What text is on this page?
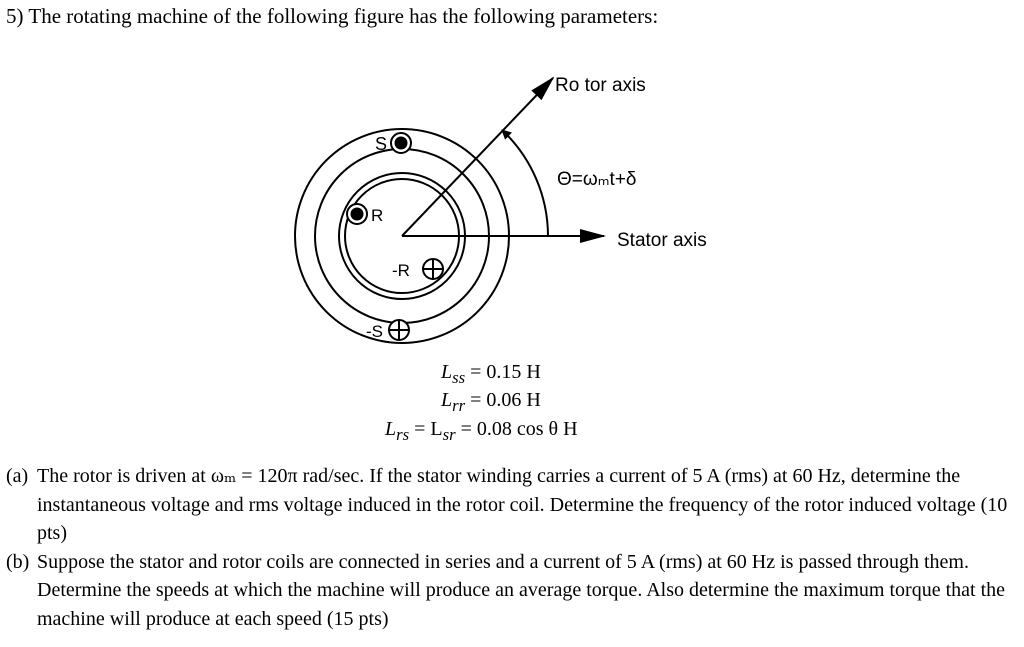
5) The rotating machine of the following figure has the following parameters:
S
R
-R
-S
Ro tor axis
Stator axis
Θ=ωₘt+δ
$L_{ss} = 0.15$ H
$L_{rr} = 0.06$ H
$L_{rs} = L_{sr} = 0.08$ cos θ H
(a) The rotor is driven at ωₘ = 120π rad/sec. If the stator winding carries a current of 5 A (rms) at 60 Hz, determine the instantaneous voltage and rms voltage induced in the rotor coil. Determine the frequency of the rotor induced voltage (10 pts)
(b) Suppose the stator and rotor coils are connected in series and a current of 5 A (rms) at 60 Hz is passed through them. Determine the speeds at which the machine will produce an average torque. Also determine the maximum torque that the machine will produce at each speed (15 pts)
